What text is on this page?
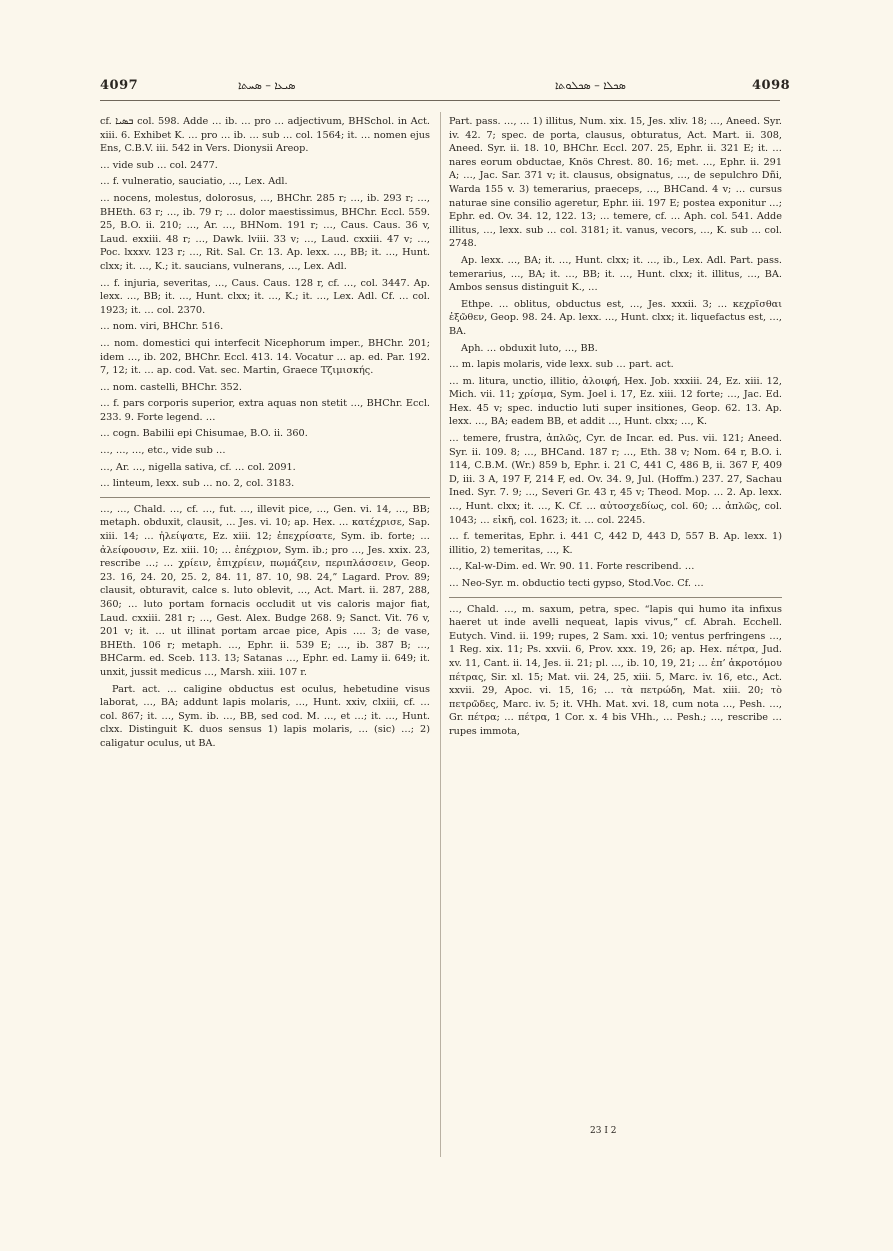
4097	ܣܝܥܐ – ܣܚܬܐ	ܣܟܠܐ – ܣܟܠܘܬܐ	4098

cf. ܒܣܝܐ col. 598. Adde … ib. … pro … adjectivum, BHSchol. in Act. xiii. 6. Exhibet K. … pro … ib. … sub … col. 1564; it. … nomen ejus Ens, C.B.V. iii. 542 in Vers. Dionysii Areop.

… vide sub … col. 2477.

… f. vulneratio, sauciatio, …, Lex. Adl.

… nocens, molestus, dolorosus, …, BHChr. 285 r; …, ib. 293 r; …, BHEth. 63 r; …, ib. 79 r; … dolor maestissimus, BHChr. Eccl. 559. 25, B.O. ii. 210; …, Ar. …, BHNom. 191 r; …, Caus. Caus. 36 v, Laud. exxiii. 48 r; …, Dawk. lviii. 33 v; …, Laud. cxxiii. 47 v; …, Poc. lxxxv. 123 r; …, Rit. Sal. Cr. 13. Ap. lexx. …, BB; it. …, Hunt. clxx; it. …, K.; it. saucians, vulnerans, …, Lex. Adl.

… f. injuria, severitas, …, Caus. Caus. 128 r, cf. …, col. 3447. Ap. lexx. …, BB; it. …, Hunt. clxx; it. …, K.; it. …, Lex. Adl. Cf. … col. 1923; it. … col. 2370.

… nom. viri, BHChr. 516.

… nom. domestici qui interfecit Nicephorum imper., BHChr. 201; idem …, ib. 202, BHChr. Eccl. 413. 14. Vocatur … ap. ed. Par. 192. 7, 12; it. … ap. cod. Vat. sec. Martin, Graece Τζιμισκής.

… nom. castelli, BHChr. 352.

… f. pars corporis superior, extra aquas non stetit …, BHChr. Eccl. 233. 9. Forte legend. …

… cogn. Babilii epi Chisumae, B.O. ii. 360.

…, …, …, etc., vide sub …

…, Ar. …, nigella sativa, cf. … col. 2091.

… linteum, lexx. sub … no. 2, col. 3183.

…, …, Chald. …, cf. …, fut. …, illevit pice, …, Gen. vi. 14, …, BB; metaph. obduxit, clausit, … Jes. vi. 10; ap. Hex. … κατέχρισε, Sap. xiii. 14; … ἠλείψατε, Ez. xiii. 12; ἐπεχρίσατε, Sym. ib. forte; … ἀλείφουσιν, Ez. xiii. 10; … ἐπέχριον, Sym. ib.; pro …, Jes. xxix. 23, rescribe …; … χρίειν, ἐπιχρίειν, πωμάζειν, περιπλάσσειν, Geop. 23. 16, 24. 20, 25. 2, 84. 11, 87. 10, 98. 24,” Lagard. Prov. 89; clausit, obturavit, calce s. luto oblevit, …, Act. Mart. ii. 287, 288, 360; … luto portam fornacis occludit ut vis caloris major fiat, Laud. cxxiii. 281 r; …, Gest. Alex. Budge 268. 9; Sanct. Vit. 76 v, 201 v; it. … ut illinat portam arcae pice, Apis …. 3; de vase, BHEth. 106 r; metaph. …, Ephr. ii. 539 E; …, ib. 387 B; …, BHCarm. ed. Sceb. 113. 13; Satanas …, Ephr. ed. Lamy ii. 649; it. unxit, jussit medicus …, Marsh. xiii. 107 r.

Part. act. … caligine obductus est oculus, hebetudine visus laborat, …, BA; addunt lapis molaris, …, Hunt. xxiv, clxiii, cf. … col. 867; it. …, Sym. ib. …, BB, sed cod. M. …, et …; it. …, Hunt. clxx. Distinguit K. duos sensus 1) lapis molaris, … (sic) …; 2) caligatur oculus, ut BA.

Part. pass. …, … 1) illitus, Num. xix. 15, Jes. xliv. 18; …, Aneed. Syr. iv. 42. 7; spec. de porta, clausus, obturatus, Act. Mart. ii. 308, Aneed. Syr. ii. 18. 10, BHChr. Eccl. 207. 25, Ephr. ii. 321 E; it. … nares eorum obductae, Knös Chrest. 80. 16; met. …, Ephr. ii. 291 A; …, Jac. Sar. 371 v; it. clausus, obsignatus, …, de sepulchro Dñi, Warda 155 v. 3) temerarius, praeceps, …, BHCand. 4 v; … cursus naturae sine consilio ageretur, Ephr. iii. 197 E; postea exponitur …; Ephr. ed. Ov. 34. 12, 122. 13; … temere, cf. … Aph. col. 541. Adde illitus, …, lexx. sub … col. 3181; it. vanus, vecors, …, K. sub … col. 2748.

Ap. lexx. …, BA; it. …, Hunt. clxx; it. …, ib., Lex. Adl. Part. pass. temerarius, …, BA; it. …, BB; it. …, Hunt. clxx; it. illitus, …, BA. Ambos sensus distinguit K., …

Ethpe. … oblitus, obductus est, …, Jes. xxxii. 3; … κεχρῖσθαι ἐξῶθεν, Geop. 98. 24. Ap. lexx. …, Hunt. clxx; it. liquefactus est, …, BA.

Aph. … obduxit luto, …, BB.

… m. lapis molaris, vide lexx. sub … part. act.

… m. litura, unctio, illitio, ἀλοιφή, Hex. Job. xxxiii. 24, Ez. xiii. 12, Mich. vii. 11; χρίσμα, Sym. Joel i. 17, Ez. xiii. 12 forte; …, Jac. Ed. Hex. 45 v; spec. inductio luti super insitiones, Geop. 62. 13. Ap. lexx. …, BA; eadem BB, et addit …, Hunt. clxx; …, K.

… temere, frustra, ἀπλῶς, Cyr. de Incar. ed. Pus. vii. 121; Aneed. Syr. ii. 109. 8; …, BHCand. 187 r; …, Eth. 38 v; Nom. 64 r, B.O. i. 114, C.B.M. (Wr.) 859 b, Ephr. i. 21 C, 441 C, 486 B, ii. 367 F, 409 D, iii. 3 A, 197 F, 214 F, ed. Ov. 34. 9, Jul. (Hoffm.) 237. 27, Sachau Ined. Syr. 7. 9; …, Severi Gr. 43 r, 45 v; Theod. Mop. … 2. Ap. lexx. …, Hunt. clxx; it. …, K. Cf. … αὐτοσχεδίως, col. 60; … ἁπλῶς, col. 1043; … εἰκῆ, col. 1623; it. … col. 2245.

… f. temeritas, Ephr. i. 441 C, 442 D, 443 D, 557 B. Ap. lexx. 1) illitio, 2) temeritas, …, K.

…, Kal-w-Dim. ed. Wr. 90. 11. Forte rescribend. …

… Neo-Syr. m. obductio tecti gypso, Stod.Voc. Cf. …

…, Chald. …, m. saxum, petra, spec. “lapis qui humo ita infixus haeret ut inde avelli nequeat, lapis vivus,” cf. Abrah. Ecchell. Eutych. Vind. ii. 199; rupes, 2 Sam. xxi. 10; ventus perfringens …, 1 Reg. xix. 11; Ps. xxvii. 6, Prov. xxx. 19, 26; ap. Hex. πέτρα, Jud. xv. 11, Cant. ii. 14, Jes. ii. 21; pl. …, ib. 10, 19, 21; … ἐπ’ ἀκροτόμου πέτρας, Sir. xl. 15; Mat. vii. 24, 25, xiii. 5, Marc. iv. 16, etc., Act. xxvii. 29, Apoc. vi. 15, 16; … τὰ πετρώδη, Mat. xiii. 20; τὸ πετρῶδες, Marc. iv. 5; it. VHh. Mat. xvi. 18, cum nota …, Pesh. …, Gr. πέτρα; … πέτρα, 1 Cor. x. 4 bis VHh., … Pesh.; …, rescribe … rupes immota,

23 I 2
